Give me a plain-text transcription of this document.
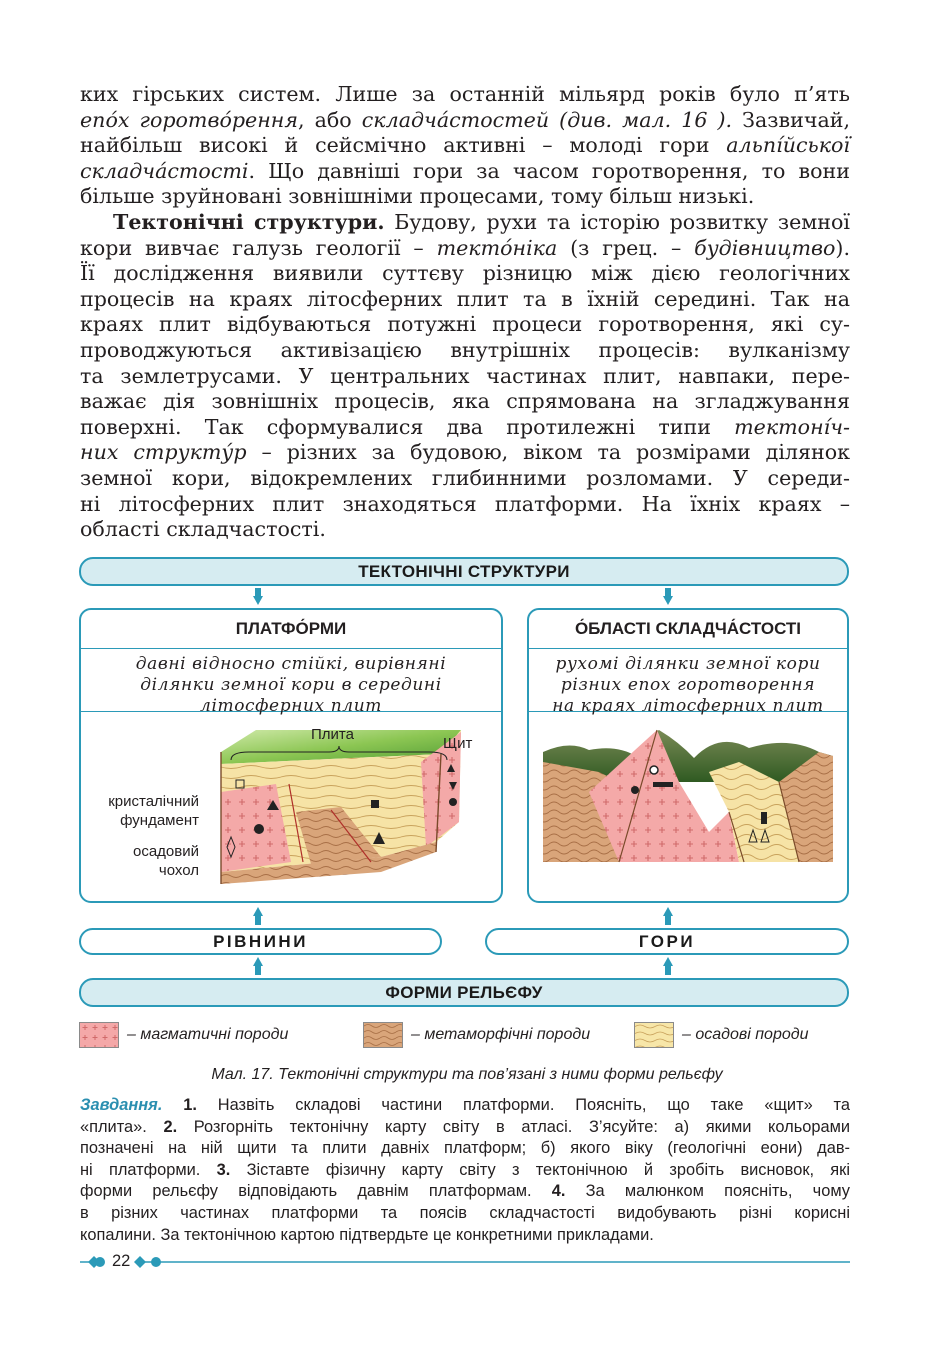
ких гірських систем. Лише за останній мільярд років було п’ять

епо́х горотво́рення, або складча́стостей (див. мал. 16 ). Зазвичай,

найбільш високі й сейсмічно активні – молоді гори альпі́йської

складча́стості. Що давніші гори за часом горотворення, то вони

більше зруйновані зовнішніми процесами, тому більш низькі.

Тектонічні структури. Будову, рухи та історію розвитку земної

кори вивчає галузь геології – тектóніка (з грец. – будівництво).

Її дослідження виявили суттєву різницю між дією геологічних

процесів на краях літосферних плит та в їхній середині. Так на

краях плит відбуваються потужні процеси горотворення, які су-

проводжуються активізацією внутрішніх процесів: вулканізму

та землетрусами. У центральних частинах плит, навпаки, пере-

важає дія зовнішніх процесів, яка спрямована на згладжування

поверхні. Так сформувалися два протилежні типи тектоні́ч-

них структу́р – різних за будовою, віком та розмірами ділянок

земної кори, відокремлених глибинними розломами. У середи-

ні літосферних плит знаходяться платформи. На їхніх краях –

області складчастості.

ТЕКТОНІЧНІ СТРУКТУРИ
ПЛАТФО́РМИ
давні відносно стійкі, вирівняні
ділянки земної кори в середині
літосферних плит
Плита
Щит
кристалічний
фундамент
осадовий
чохол
О́БЛАСТІ СКЛАДЧА́СТОСТІ
рухомі ділянки земної кори
різних епох горотворення
на краях літосферних плит
РІВНИНИ	ГОРИ
ФОРМИ РЕЛЬЄФУ
– магматичні породи	– метаморфічні породи	– осадові породи
Мал. 17. Тектонічні структури та пов’язані з ними форми рельєфу

Завдання. 1. Назвіть складові частини платформи. Поясніть, що таке «щит» та

«плита». 2. Розгорніть тектонічну карту світу в атласі. З’ясуйте: а) якими кольорами

позначені на ній щити та плити давніх платформ; б) якого віку (геологічні еони) дав-

ні платформи. 3. Зіставте фізичну карту світу з тектонічною й зробіть висновок, які

форми рельєфу відповідають давнім платформам. 4. За малюнком поясніть, чому

в різних частинах платформи та поясів складчастості видобувають різні корисні

копалини. За тектонічною картою підтвердьте це конкретними прикладами.

22
